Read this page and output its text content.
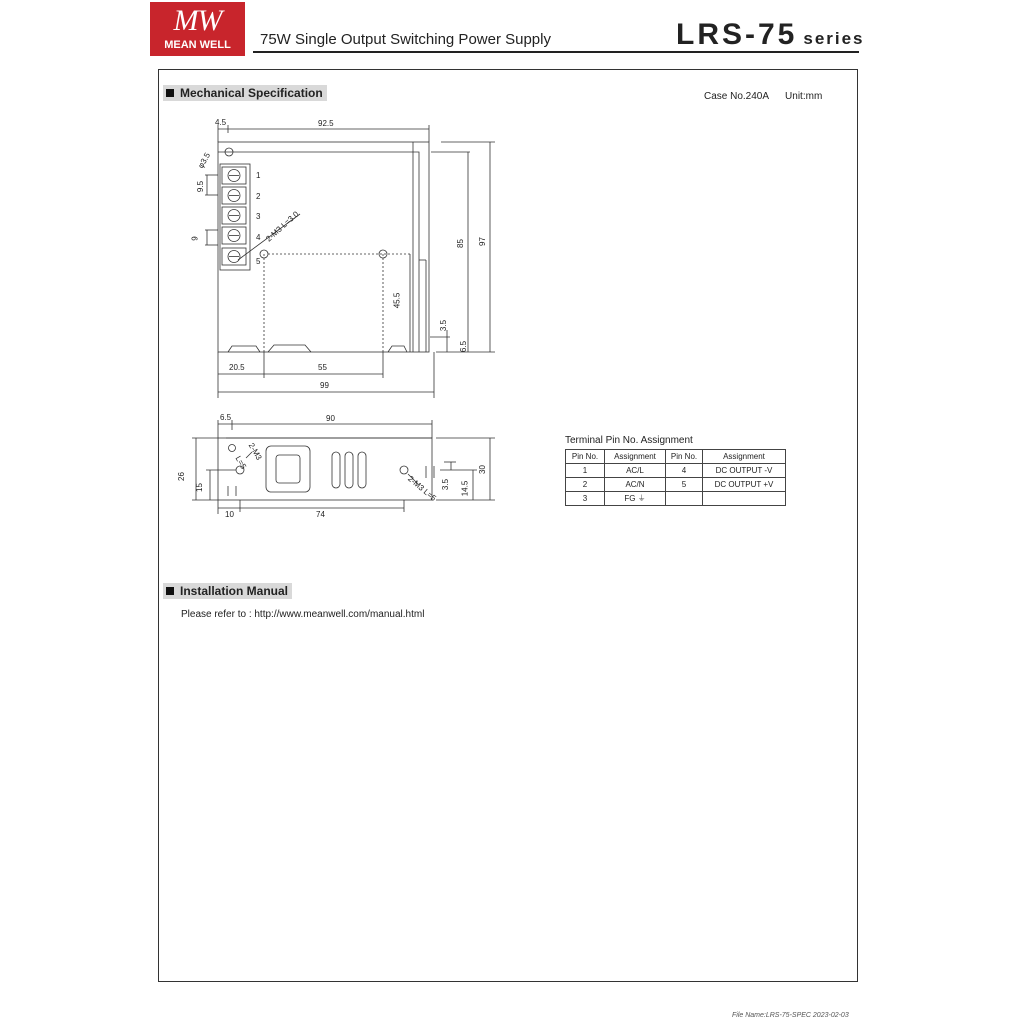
MW
MEAN WELL	75W Single Output Switching Power Supply	LRS-75 series
Mechanical Specification	Case No.240A Unit:mm
4.5	92.5
φ3.5
9.5
9
85 97
45.5
3.5
6.5
20.5	55
99
2-M3 L=3.0
1
2
3
4
5
6.5	90
26
15
10	74
30
14.5
3.5
2-M3
L=5
2-M3 L=5
Terminal Pin No. Assignment
Pin No.	Assignment	Pin No.	Assignment
1	AC/L	4	DC OUTPUT -V
2	AC/N	5	DC OUTPUT +V
3	FG ⏚		
Installation Manual
Please refer to : http://www.meanwell.com/manual.html
File Name:LRS-75-SPEC 2023-02-03
